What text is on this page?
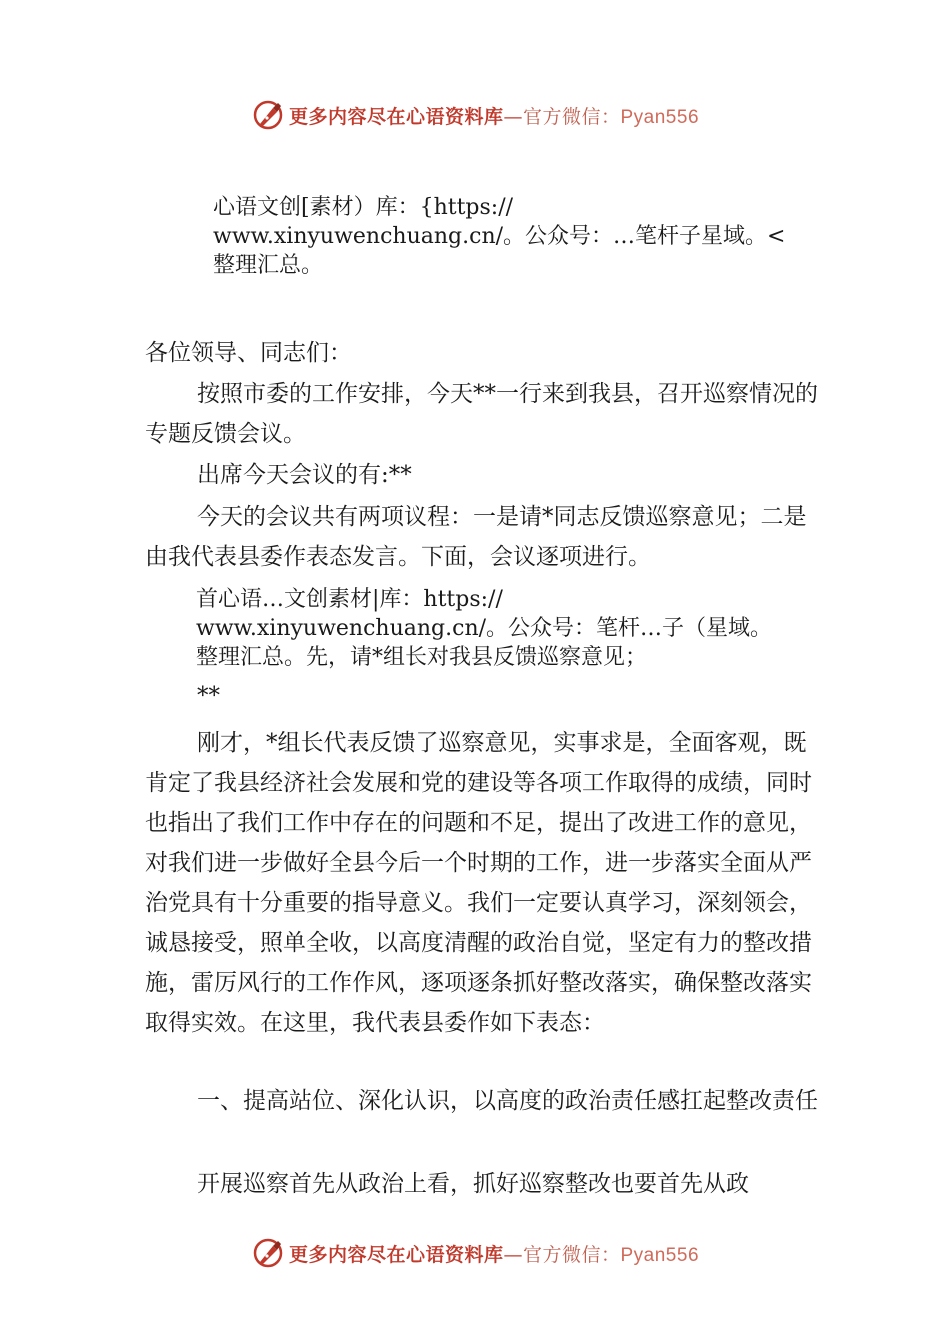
更多内容尽在心语资料库—官方微信：Pyan556
心语文创[素材）库：{https://
www.xinyuwenchuang.cn/。公众号：…笔杆子星域。<
整理汇总。
各位领导、同志们：
按照市委的工作安排，今天**一行来到我县，召开巡察情况的专题反馈会议。
出席今天会议的有:**
今天的会议共有两项议程：一是请*同志反馈巡察意见；二是由我代表县委作表态发言。下面，会议逐项进行。
首心语…文创素材|库：https://
www.xinyuwenchuang.cn/。公众号：笔杆…子（星域。
整理汇总。先，请*组长对我县反馈巡察意见；
**
刚才，*组长代表反馈了巡察意见，实事求是，全面客观，既肯定了我县经济社会发展和党的建设等各项工作取得的成绩，同时也指出了我们工作中存在的问题和不足，提出了改进工作的意见，对我们进一步做好全县今后一个时期的工作，进一步落实全面从严治党具有十分重要的指导意义。我们一定要认真学习，深刻领会，诚恳接受，照单全收，以高度清醒的政治自觉，坚定有力的整改措施，雷厉风行的工作作风，逐项逐条抓好整改落实，确保整改落实取得实效。在这里，我代表县委作如下表态：
一、提高站位、深化认识，以高度的政治责任感扛起整改责任
开展巡察首先从政治上看，抓好巡察整改也要首先从政
更多内容尽在心语资料库—官方微信：Pyan556
